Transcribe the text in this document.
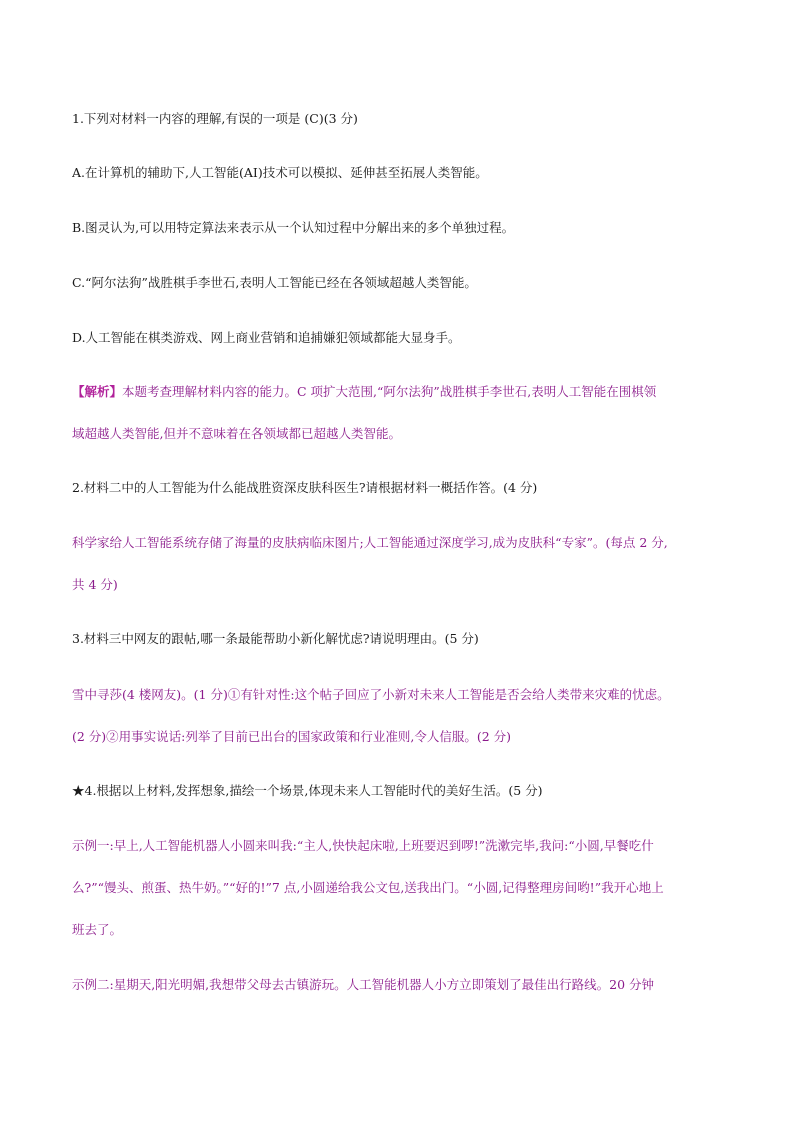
1.下列对材料一内容的理解,有误的一项是 (C)(3 分)
A.在计算机的辅助下,人工智能(AI)技术可以模拟、延伸甚至拓展人类智能。
B.图灵认为,可以用特定算法来表示从一个认知过程中分解出来的多个单独过程。
C.“阿尔法狗”战胜棋手李世石,表明人工智能已经在各领域超越人类智能。
D.人工智能在棋类游戏、网上商业营销和追捕嫌犯领域都能大显身手。
【解析】本题考查理解材料内容的能力。C 项扩大范围,“阿尔法狗”战胜棋手李世石,表明人工智能在围棋领
域超越人类智能,但并不意味着在各领域都已超越人类智能。
2.材料二中的人工智能为什么能战胜资深皮肤科医生?请根据材料一概括作答。(4 分)
科学家给人工智能系统存储了海量的皮肤病临床图片;人工智能通过深度学习,成为皮肤科“专家”。(每点 2 分,
共 4 分)
3.材料三中网友的跟帖,哪一条最能帮助小新化解忧虑?请说明理由。(5 分)
雪中寻莎(4 楼网友)。(1 分)①有针对性:这个帖子回应了小新对未来人工智能是否会给人类带来灾难的忧虑。
(2 分)②用事实说话:列举了目前已出台的国家政策和行业准则,令人信服。(2 分)
★4.根据以上材料,发挥想象,描绘一个场景,体现未来人工智能时代的美好生活。(5 分)
示例一:早上,人工智能机器人小圆来叫我:“主人,快快起床啦,上班要迟到啰!”洗漱完毕,我问:“小圆,早餐吃什
么?”“馒头、煎蛋、热牛奶。”“好的!”7 点,小圆递给我公文包,送我出门。“小圆,记得整理房间哟!”我开心地上
班去了。
示例二:星期天,阳光明媚,我想带父母去古镇游玩。人工智能机器人小方立即策划了最佳出行路线。20 分钟
